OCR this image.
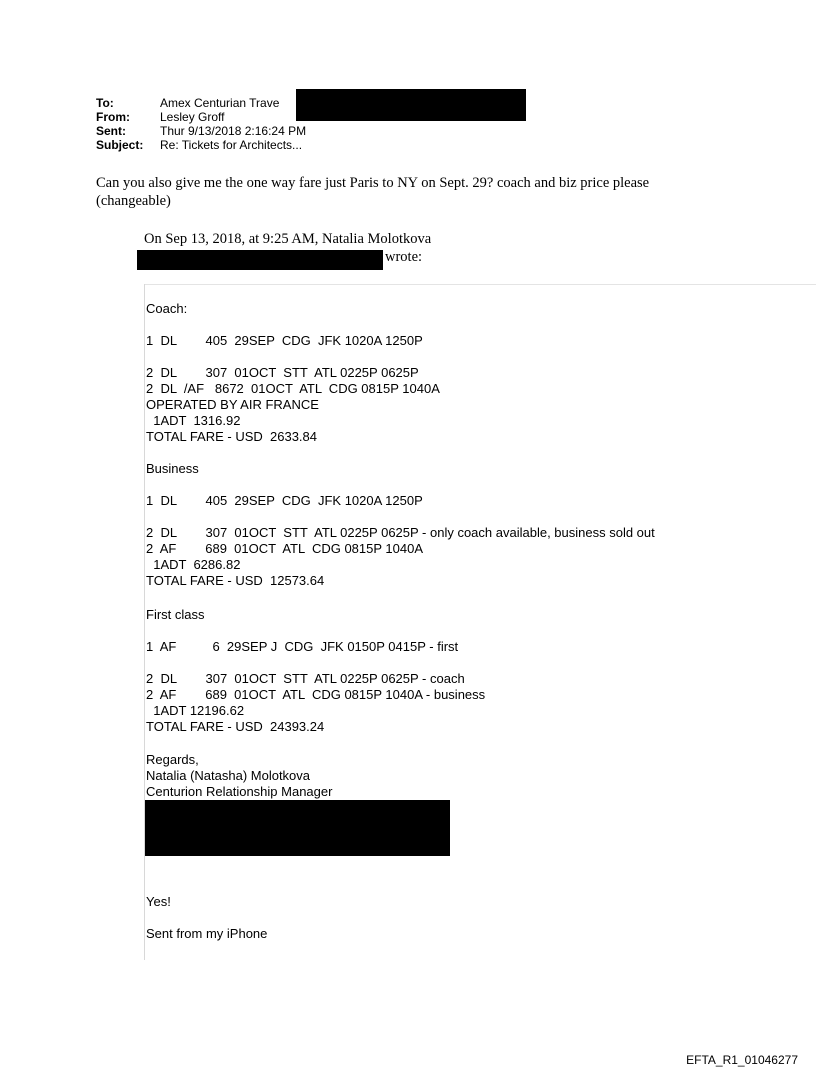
To:	Amex Centurian Trave
From:	Lesley Groff
Sent:	Thur 9/13/2018 2:16:24 PM
Subject: Re: Tickets for Architects...
Can you also give me the one way fare just Paris to NY on Sept. 29? coach and biz price please
(changeable)
On Sep 13, 2018, at 9:25 AM, Natalia Molotkova
wrote:
Coach:
1  DL        405  29SEP  CDG  JFK 1020A 1250P
2  DL        307  01OCT  STT  ATL 0225P 0625P
2  DL  /AF   8672  01OCT  ATL  CDG 0815P 1040A
OPERATED BY AIR FRANCE
1ADT  1316.92
TOTAL FARE - USD  2633.84
Business
1  DL        405  29SEP  CDG  JFK 1020A 1250P
2  DL        307  01OCT  STT  ATL 0225P 0625P - only coach available, business sold out
2  AF        689  01OCT  ATL  CDG 0815P 1040A
1ADT  6286.82
TOTAL FARE - USD  12573.64
First class
1  AF          6  29SEP J  CDG  JFK 0150P 0415P - first
2  DL        307  01OCT  STT  ATL 0225P 0625P - coach
2  AF        689  01OCT  ATL  CDG 0815P 1040A - business
1ADT 12196.62
TOTAL FARE - USD  24393.24
Regards,
Natalia (Natasha) Molotkova
Centurion Relationship Manager
Yes!
Sent from my iPhone
EFTA_R1_01046277
